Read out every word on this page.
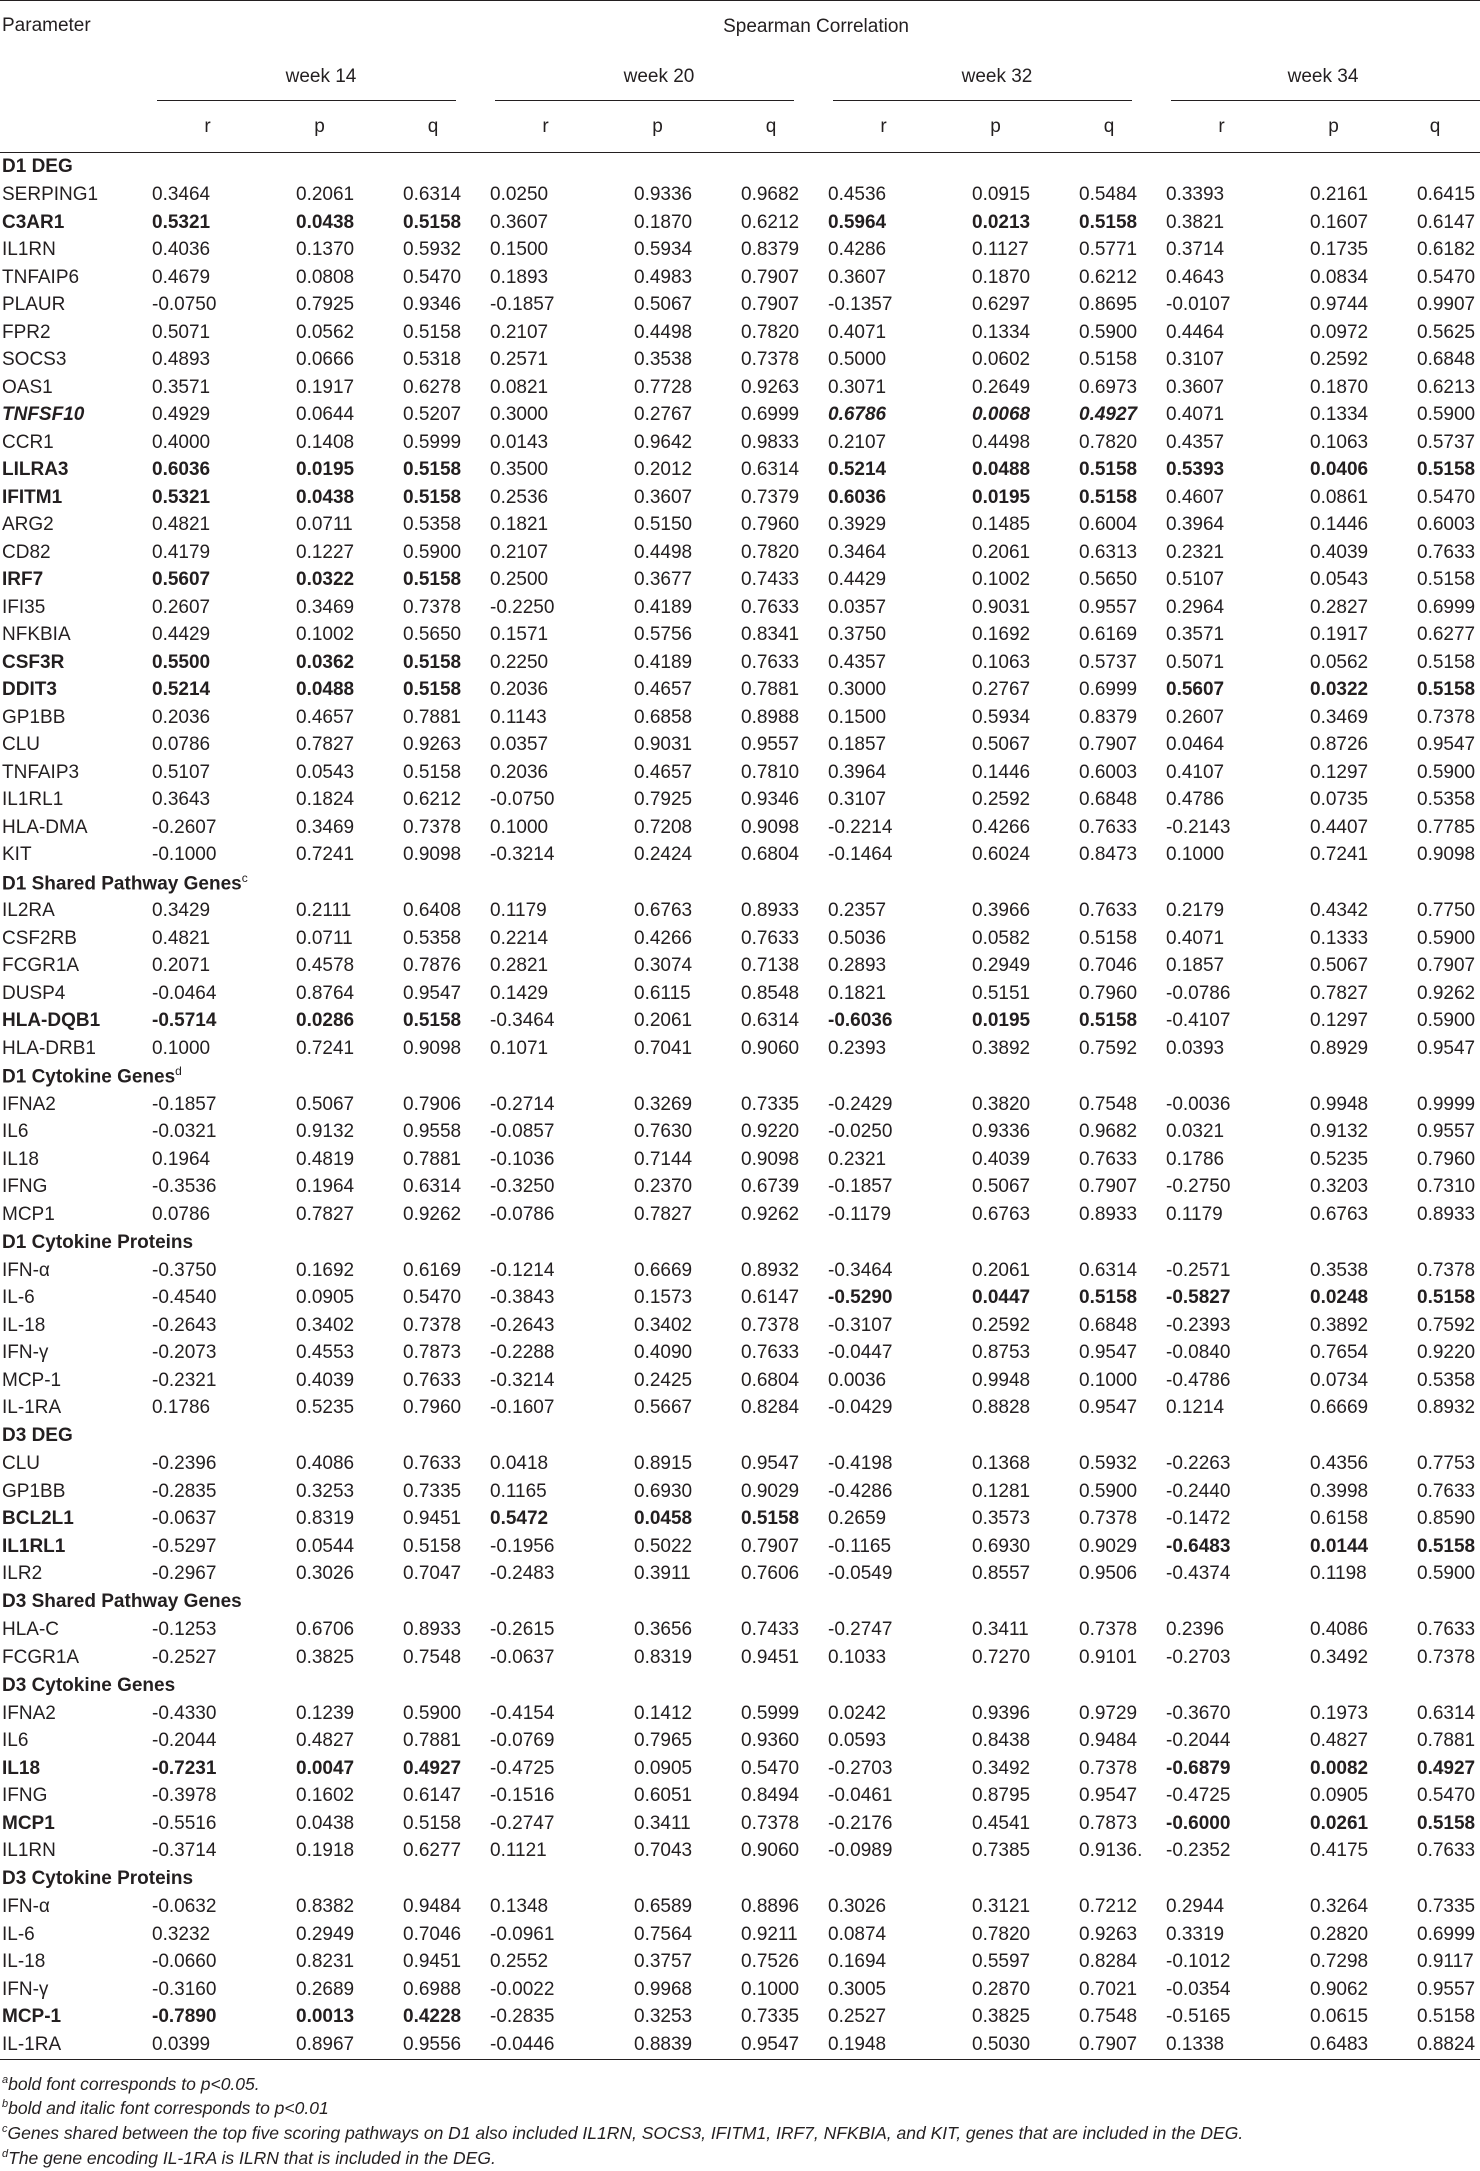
Parameter	Spearman Correlation											
	week 14			week 20			week 32			week 34		

	r	p	q	r	p	q	r	p	q	r	p	q
D1 DEG												
SERPING1	0.3464	0.2061	0.6314	0.0250	0.9336	0.9682	0.4536	0.0915	0.5484	0.3393	0.2161	0.6415
C3AR1	0.5321	0.0438	0.5158	0.3607	0.1870	0.6212	0.5964	0.0213	0.5158	0.3821	0.1607	0.6147
IL1RN	0.4036	0.1370	0.5932	0.1500	0.5934	0.8379	0.4286	0.1127	0.5771	0.3714	0.1735	0.6182
TNFAIP6	0.4679	0.0808	0.5470	0.1893	0.4983	0.7907	0.3607	0.1870	0.6212	0.4643	0.0834	0.5470
PLAUR	-0.0750	0.7925	0.9346	-0.1857	0.5067	0.7907	-0.1357	0.6297	0.8695	-0.0107	0.9744	0.9907
FPR2	0.5071	0.0562	0.5158	0.2107	0.4498	0.7820	0.4071	0.1334	0.5900	0.4464	0.0972	0.5625
SOCS3	0.4893	0.0666	0.5318	0.2571	0.3538	0.7378	0.5000	0.0602	0.5158	0.3107	0.2592	0.6848
OAS1	0.3571	0.1917	0.6278	0.0821	0.7728	0.9263	0.3071	0.2649	0.6973	0.3607	0.1870	0.6213
TNFSF10	0.4929	0.0644	0.5207	0.3000	0.2767	0.6999	0.6786	0.0068	0.4927	0.4071	0.1334	0.5900
CCR1	0.4000	0.1408	0.5999	0.0143	0.9642	0.9833	0.2107	0.4498	0.7820	0.4357	0.1063	0.5737
LILRA3	0.6036	0.0195	0.5158	0.3500	0.2012	0.6314	0.5214	0.0488	0.5158	0.5393	0.0406	0.5158
IFITM1	0.5321	0.0438	0.5158	0.2536	0.3607	0.7379	0.6036	0.0195	0.5158	0.4607	0.0861	0.5470
ARG2	0.4821	0.0711	0.5358	0.1821	0.5150	0.7960	0.3929	0.1485	0.6004	0.3964	0.1446	0.6003
CD82	0.4179	0.1227	0.5900	0.2107	0.4498	0.7820	0.3464	0.2061	0.6313	0.2321	0.4039	0.7633
IRF7	0.5607	0.0322	0.5158	0.2500	0.3677	0.7433	0.4429	0.1002	0.5650	0.5107	0.0543	0.5158
IFI35	0.2607	0.3469	0.7378	-0.2250	0.4189	0.7633	0.0357	0.9031	0.9557	0.2964	0.2827	0.6999
NFKBIA	0.4429	0.1002	0.5650	0.1571	0.5756	0.8341	0.3750	0.1692	0.6169	0.3571	0.1917	0.6277
CSF3R	0.5500	0.0362	0.5158	0.2250	0.4189	0.7633	0.4357	0.1063	0.5737	0.5071	0.0562	0.5158
DDIT3	0.5214	0.0488	0.5158	0.2036	0.4657	0.7881	0.3000	0.2767	0.6999	0.5607	0.0322	0.5158
GP1BB	0.2036	0.4657	0.7881	0.1143	0.6858	0.8988	0.1500	0.5934	0.8379	0.2607	0.3469	0.7378
CLU	0.0786	0.7827	0.9263	0.0357	0.9031	0.9557	0.1857	0.5067	0.7907	0.0464	0.8726	0.9547
TNFAIP3	0.5107	0.0543	0.5158	0.2036	0.4657	0.7810	0.3964	0.1446	0.6003	0.4107	0.1297	0.5900
IL1RL1	0.3643	0.1824	0.6212	-0.0750	0.7925	0.9346	0.3107	0.2592	0.6848	0.4786	0.0735	0.5358
HLA-DMA	-0.2607	0.3469	0.7378	0.1000	0.7208	0.9098	-0.2214	0.4266	0.7633	-0.2143	0.4407	0.7785
KIT	-0.1000	0.7241	0.9098	-0.3214	0.2424	0.6804	-0.1464	0.6024	0.8473	0.1000	0.7241	0.9098
D1 Shared Pathway Genes$^c$
IL2RA	0.3429	0.2111	0.6408	0.1179	0.6763	0.8933	0.2357	0.3966	0.7633	0.2179	0.4342	0.7750
CSF2RB	0.4821	0.0711	0.5358	0.2214	0.4266	0.7633	0.5036	0.0582	0.5158	0.4071	0.1333	0.5900
FCGR1A	0.2071	0.4578	0.7876	0.2821	0.3074	0.7138	0.2893	0.2949	0.7046	0.1857	0.5067	0.7907
DUSP4	-0.0464	0.8764	0.9547	0.1429	0.6115	0.8548	0.1821	0.5151	0.7960	-0.0786	0.7827	0.9262
HLA-DQB1	-0.5714	0.0286	0.5158	-0.3464	0.2061	0.6314	-0.6036	0.0195	0.5158	-0.4107	0.1297	0.5900
HLA-DRB1	0.1000	0.7241	0.9098	0.1071	0.7041	0.9060	0.2393	0.3892	0.7592	0.0393	0.8929	0.9547
D1 Cytokine Genes$^d$
IFNA2	-0.1857	0.5067	0.7906	-0.2714	0.3269	0.7335	-0.2429	0.3820	0.7548	-0.0036	0.9948	0.9999
IL6	-0.0321	0.9132	0.9558	-0.0857	0.7630	0.9220	-0.0250	0.9336	0.9682	0.0321	0.9132	0.9557
IL18	0.1964	0.4819	0.7881	-0.1036	0.7144	0.9098	0.2321	0.4039	0.7633	0.1786	0.5235	0.7960
IFNG	-0.3536	0.1964	0.6314	-0.3250	0.2370	0.6739	-0.1857	0.5067	0.7907	-0.2750	0.3203	0.7310
MCP1	0.0786	0.7827	0.9262	-0.0786	0.7827	0.9262	-0.1179	0.6763	0.8933	0.1179	0.6763	0.8933
D1 Cytokine Proteins												
IFN-α	-0.3750	0.1692	0.6169	-0.1214	0.6669	0.8932	-0.3464	0.2061	0.6314	-0.2571	0.3538	0.7378
IL-6	-0.4540	0.0905	0.5470	-0.3843	0.1573	0.6147	-0.5290	0.0447	0.5158	-0.5827	0.0248	0.5158
IL-18	-0.2643	0.3402	0.7378	-0.2643	0.3402	0.7378	-0.3107	0.2592	0.6848	-0.2393	0.3892	0.7592
IFN-γ	-0.2073	0.4553	0.7873	-0.2288	0.4090	0.7633	-0.0447	0.8753	0.9547	-0.0840	0.7654	0.9220
MCP-1	-0.2321	0.4039	0.7633	-0.3214	0.2425	0.6804	0.0036	0.9948	0.1000	-0.4786	0.0734	0.5358
IL-1RA	0.1786	0.5235	0.7960	-0.1607	0.5667	0.8284	-0.0429	0.8828	0.9547	0.1214	0.6669	0.8932
D3 DEG												
CLU	-0.2396	0.4086	0.7633	0.0418	0.8915	0.9547	-0.4198	0.1368	0.5932	-0.2263	0.4356	0.7753
GP1BB	-0.2835	0.3253	0.7335	0.1165	0.6930	0.9029	-0.4286	0.1281	0.5900	-0.2440	0.3998	0.7633
BCL2L1	-0.0637	0.8319	0.9451	0.5472	0.0458	0.5158	0.2659	0.3573	0.7378	-0.1472	0.6158	0.8590
IL1RL1	-0.5297	0.0544	0.5158	-0.1956	0.5022	0.7907	-0.1165	0.6930	0.9029	-0.6483	0.0144	0.5158
ILR2	-0.2967	0.3026	0.7047	-0.2483	0.3911	0.7606	-0.0549	0.8557	0.9506	-0.4374	0.1198	0.5900
D3 Shared Pathway Genes												
HLA-C	-0.1253	0.6706	0.8933	-0.2615	0.3656	0.7433	-0.2747	0.3411	0.7378	0.2396	0.4086	0.7633
FCGR1A	-0.2527	0.3825	0.7548	-0.0637	0.8319	0.9451	0.1033	0.7270	0.9101	-0.2703	0.3492	0.7378
D3 Cytokine Genes												
IFNA2	-0.4330	0.1239	0.5900	-0.4154	0.1412	0.5999	0.0242	0.9396	0.9729	-0.3670	0.1973	0.6314
IL6	-0.2044	0.4827	0.7881	-0.0769	0.7965	0.9360	0.0593	0.8438	0.9484	-0.2044	0.4827	0.7881
IL18	-0.7231	0.0047	0.4927	-0.4725	0.0905	0.5470	-0.2703	0.3492	0.7378	-0.6879	0.0082	0.4927
IFNG	-0.3978	0.1602	0.6147	-0.1516	0.6051	0.8494	-0.0461	0.8795	0.9547	-0.4725	0.0905	0.5470
MCP1	-0.5516	0.0438	0.5158	-0.2747	0.3411	0.7378	-0.2176	0.4541	0.7873	-0.6000	0.0261	0.5158
IL1RN	-0.3714	0.1918	0.6277	0.1121	0.7043	0.9060	-0.0989	0.7385	0.9136.	-0.2352	0.4175	0.7633
D3 Cytokine Proteins												
IFN-α	-0.0632	0.8382	0.9484	0.1348	0.6589	0.8896	0.3026	0.3121	0.7212	0.2944	0.3264	0.7335
IL-6	0.3232	0.2949	0.7046	-0.0961	0.7564	0.9211	0.0874	0.7820	0.9263	0.3319	0.2820	0.6999
IL-18	-0.0660	0.8231	0.9451	0.2552	0.3757	0.7526	0.1694	0.5597	0.8284	-0.1012	0.7298	0.9117
IFN-γ	-0.3160	0.2689	0.6988	-0.0022	0.9968	0.1000	0.3005	0.2870	0.7021	-0.0354	0.9062	0.9557
MCP-1	-0.7890	0.0013	0.4228	-0.2835	0.3253	0.7335	0.2527	0.3825	0.7548	-0.5165	0.0615	0.5158
IL-1RA	0.0399	0.8967	0.9556	-0.0446	0.8839	0.9547	0.1948	0.5030	0.7907	0.1338	0.6483	0.8824
$^a$bold font corresponds to p<0.05.
$^b$bold and italic font corresponds to p<0.01
$^c$Genes shared between the top five scoring pathways on D1 also included IL1RN, SOCS3, IFITM1, IRF7, NFKBIA, and KIT, genes that are included in the DEG.
$^d$The gene encoding IL-1RA is ILRN that is included in the DEG.
